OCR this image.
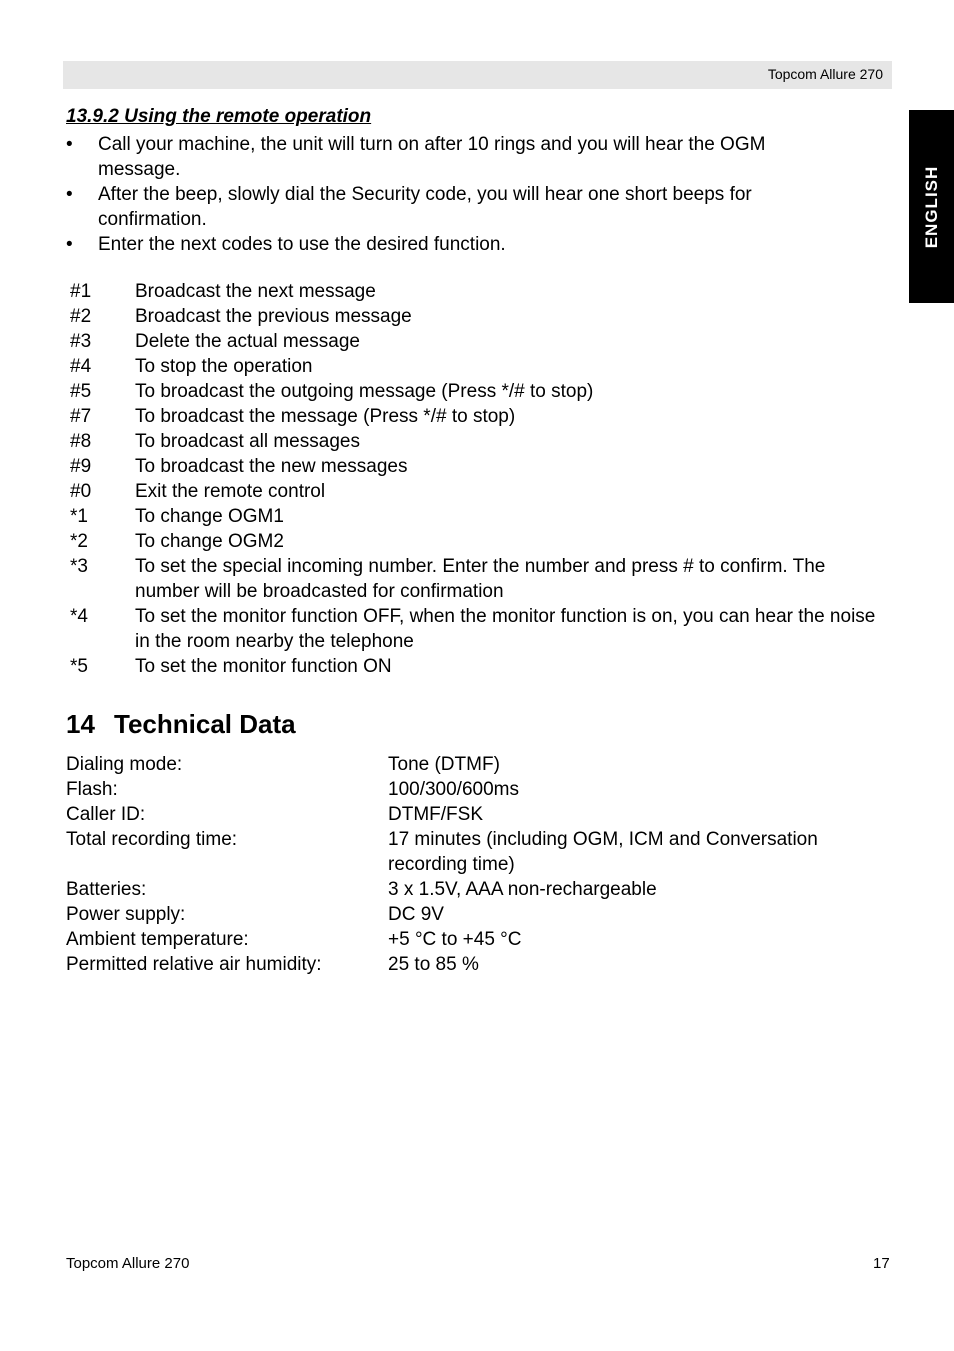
Topcom Allure 270
ENGLISH
13.9.2 Using the remote operation
•	Call your machine, the unit will turn on after 10 rings and you will hear the OGM message.
•	After the beep, slowly dial the Security code, you will hear one short beeps for confirmation.
•	Enter the next codes to use the desired function.
#1	Broadcast the next message
#2	Broadcast the previous message
#3	Delete the actual message
#4	To stop the operation
#5	To broadcast the outgoing message (Press */# to stop)
#7	To broadcast the message (Press */# to stop)
#8	To broadcast all messages
#9	To broadcast the new messages
#0	Exit the remote control
*1	To change OGM1
*2	To change OGM2
*3	To set the special incoming number. Enter the number and press # to confirm. The number will be broadcasted for confirmation
*4	To set the monitor function OFF, when the monitor function is on, you can hear the noise in the room nearby the telephone
*5	To set the monitor function ON
14 Technical Data
Dialing mode:	Tone (DTMF)
Flash:	100/300/600ms
Caller ID:	DTMF/FSK
Total recording time:	17 minutes (including OGM, ICM and Conversation recording time)
Batteries:	3 x 1.5V, AAA non-rechargeable
Power supply:	DC 9V
Ambient temperature:	+5 °C to +45 °C
Permitted relative air humidity:	25 to 85 %
Topcom Allure 270	17
